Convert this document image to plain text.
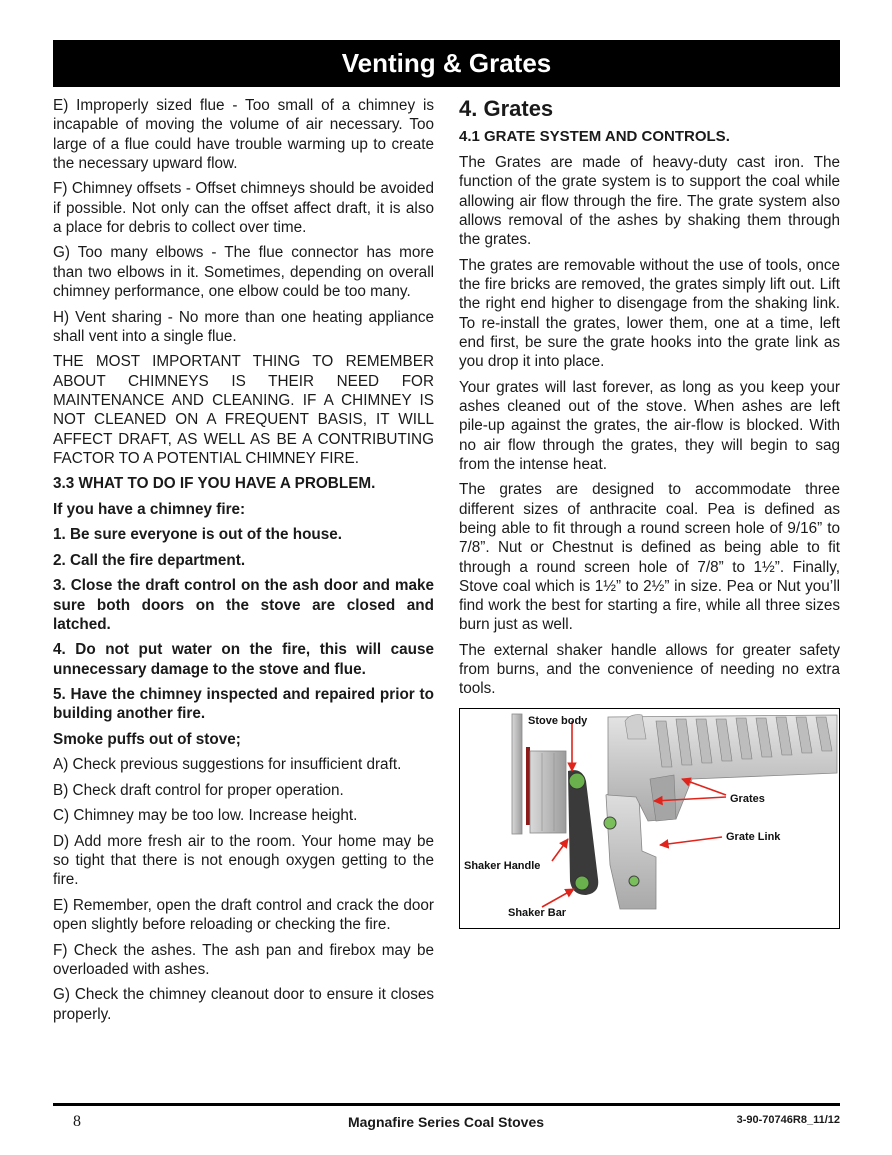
Venting & Grates

E) Improperly sized flue - Too small of a chimney is incapable of moving the volume of air necessary. Too large of a flue could have trouble warming up to create the necessary upward flow.

F) Chimney offsets - Offset chimneys should be avoided if possible. Not only can the offset affect draft, it is also a place for debris to collect over time.

G) Too many elbows - The flue connector has more than two elbows in it. Sometimes, depending on overall chimney performance, one elbow could be too many.

H) Vent sharing - No more than one heating appliance shall vent into a single flue.

THE MOST IMPORTANT THING TO REMEMBER ABOUT CHIMNEYS IS THEIR NEED FOR MAINTENANCE AND CLEANING. IF A CHIMNEY IS NOT CLEANED ON A FREQUENT BASIS, IT WILL AFFECT DRAFT, AS WELL AS BE A CONTRIBUTING FACTOR TO A POTENTIAL CHIMNEY FIRE.

3.3 WHAT TO DO IF YOU HAVE A PROBLEM.

If you have a chimney fire:

1. Be sure everyone is out of the house.

2. Call the fire department.

3. Close the draft control on the ash door and make sure both doors on the stove are closed and latched.

4. Do not put water on the fire, this will cause unnecessary damage to the stove and flue.

5. Have the chimney inspected and repaired prior to building another fire.

Smoke puffs out of stove;

A) Check previous suggestions for insufficient draft.

B) Check draft control for proper operation.

C) Chimney may be too low. Increase height.

D) Add more fresh air to the room. Your home may be so tight that there is not enough oxygen getting to the fire.

E) Remember, open the draft control and crack the door open slightly before reloading or checking the fire.

F) Check the ashes. The ash pan and firebox may be overloaded with ashes.

G) Check the chimney cleanout door to ensure it closes properly.

4. Grates
4.1 GRATE SYSTEM AND CONTROLS.

The Grates are made of heavy-duty cast iron. The function of the grate system is to support the coal while allowing air flow through the fire. The grate system also allows removal of the ashes by shaking them through the grates.

The grates are removable without the use of tools, once the fire bricks are removed, the grates simply lift out. Lift the right end higher to disengage from the shaking link. To re-install the grates, lower them, one at a time, left end first, be sure the grate hooks into the grate link as you drop it into place.

Your grates will last forever, as long as you keep your ashes cleaned out of the stove. When ashes are left pile-up against the grates, the air-flow is blocked. With no air flow through the grates, they will begin to sag from the intense heat.

The grates are designed to accommodate three different sizes of anthracite coal. Pea is defined as being able to fit through a round screen hole of 9/16” to 7/8”. Nut or Chestnut is defined as being able to fit through a round screen hole of 7/8” to 1½”. Finally, Stove coal which is 1½” to 2½” in size. Pea or Nut you’ll find work the best for starting a fire, while all three sizes burn just as well.

The external shaker handle allows for greater safety from burns, and the convenience of needing no extra tools.

Stove body
Grates
Grate Link
Shaker Handle
Shaker Bar
8	Magnafire Series Coal Stoves	3-90-70746R8_11/12
